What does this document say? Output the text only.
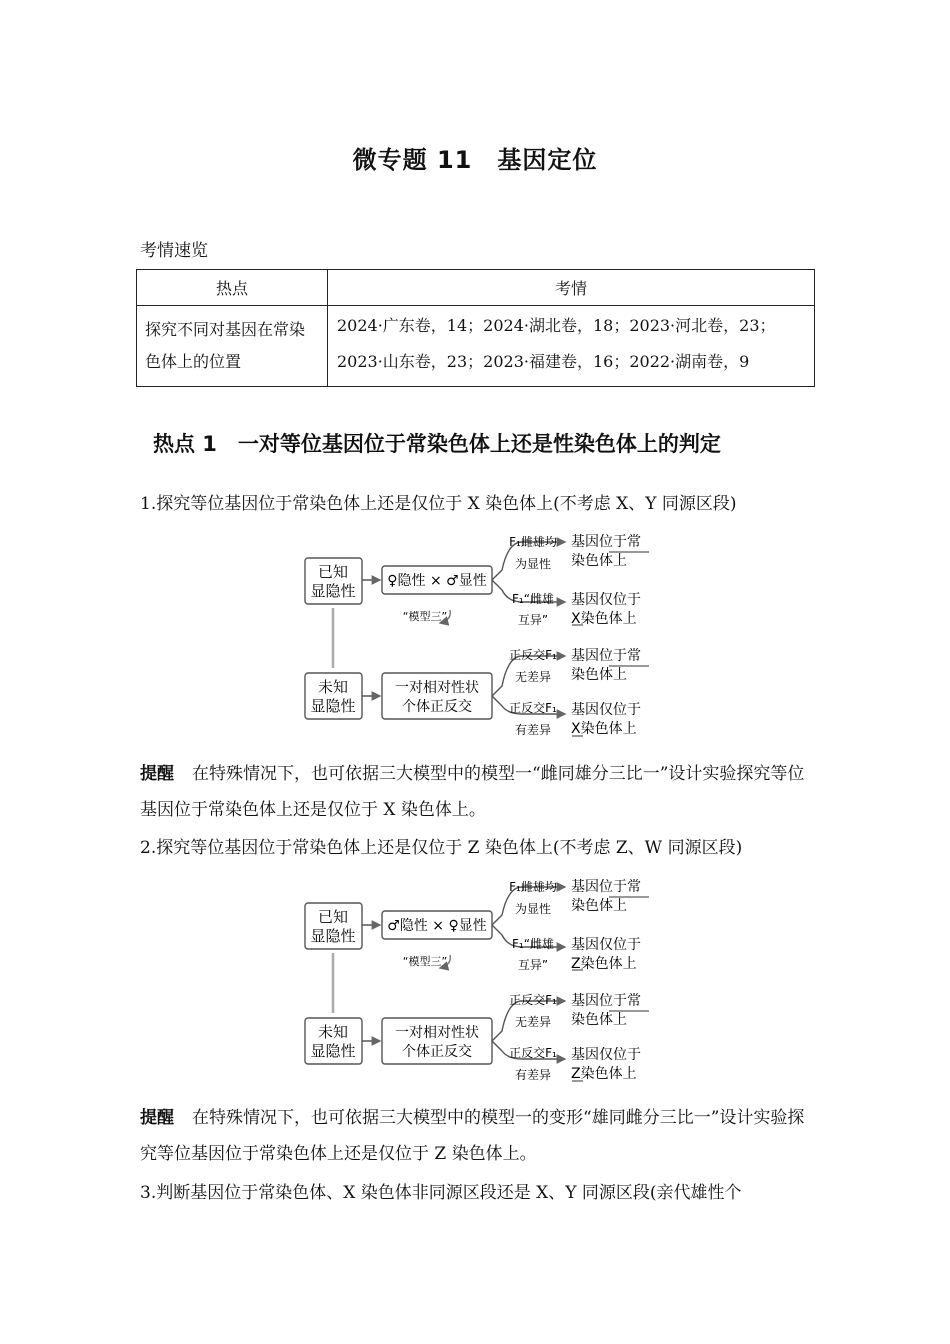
微专题 11　基因定位
考情速览
热点	考情
探究不同对基因在常染色体上的位置	2024·广东卷，14；2024·湖北卷，18；2023·河北卷，23；2023·山东卷，23；2023·福建卷，16；2022·湖南卷，9
热点 1　一对等位基因位于常染色体上还是性染色体上的判定
1.探究等位基因位于常染色体上还是仅位于 X 染色体上(不考虑 X、Y 同源区段)
已知
显隐性
♀隐性 × ♂显性
“模型三”
未知
显隐性
一对相对性状
个体正反交
F₁雌雄均
为显性
基因位于常
染色体上
F₁“雌雄
互异”
基因仅位于
X染色体上
正反交F₁
无差异
基因位于常
染色体上
正反交F₁
有差异
基因仅位于
X染色体上
提醒 在特殊情况下，也可依据三大模型中的模型一“雌同雄分三比一”设计实验探究等位基因位于常染色体上还是仅位于 X 染色体上。
2.探究等位基因位于常染色体上还是仅位于 Z 染色体上(不考虑 Z、W 同源区段)
已知
显隐性
♂隐性 × ♀显性
“模型三”
未知
显隐性
一对相对性状
个体正反交
F₁雌雄均
为显性
基因位于常
染色体上
F₁“雌雄
互异”
基因仅位于
Z染色体上
正反交F₁
无差异
基因位于常
染色体上
正反交F₁
有差异
基因仅位于
Z染色体上
提醒 在特殊情况下，也可依据三大模型中的模型一的变形“雄同雌分三比一”设计实验探究等位基因位于常染色体上还是仅位于 Z 染色体上。
3.判断基因位于常染色体、X 染色体非同源区段还是 X、Y 同源区段(亲代雄性个
